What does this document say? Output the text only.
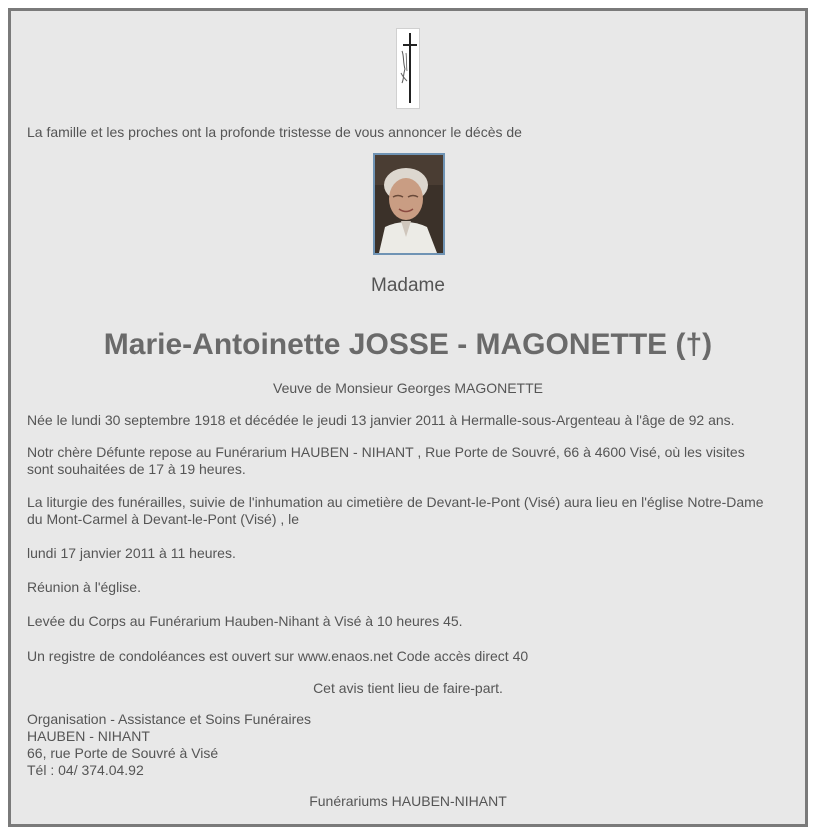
La famille et les proches ont la profonde tristesse de vous annoncer le décès de
Madame
Marie-Antoinette JOSSE - MAGONETTE (†)
Veuve de Monsieur Georges MAGONETTE
Née le lundi 30 septembre 1918 et décédée le jeudi 13 janvier 2011 à Hermalle-sous-Argenteau à l'âge de 92 ans.
Notr chère Défunte repose au Funérarium HAUBEN - NIHANT , Rue Porte de Souvré, 66 à 4600 Visé, où les visites sont souhaitées de 17 à 19 heures.
La liturgie des funérailles, suivie de l'inhumation au cimetière de Devant-le-Pont (Visé) aura lieu en l'église Notre-Dame du Mont-Carmel à Devant-le-Pont (Visé) , le
lundi 17 janvier 2011 à 11 heures.
Réunion à l'église.
Levée du Corps au Funérarium Hauben-Nihant à Visé à 10 heures 45.
Un registre de condoléances est ouvert sur www.enaos.net Code accès direct 40
Cet avis tient lieu de faire-part.
Organisation - Assistance et Soins Funéraires
HAUBEN - NIHANT
66, rue Porte de Souvré à Visé
Tél : 04/ 374.04.92
Funérariums HAUBEN-NIHANT
